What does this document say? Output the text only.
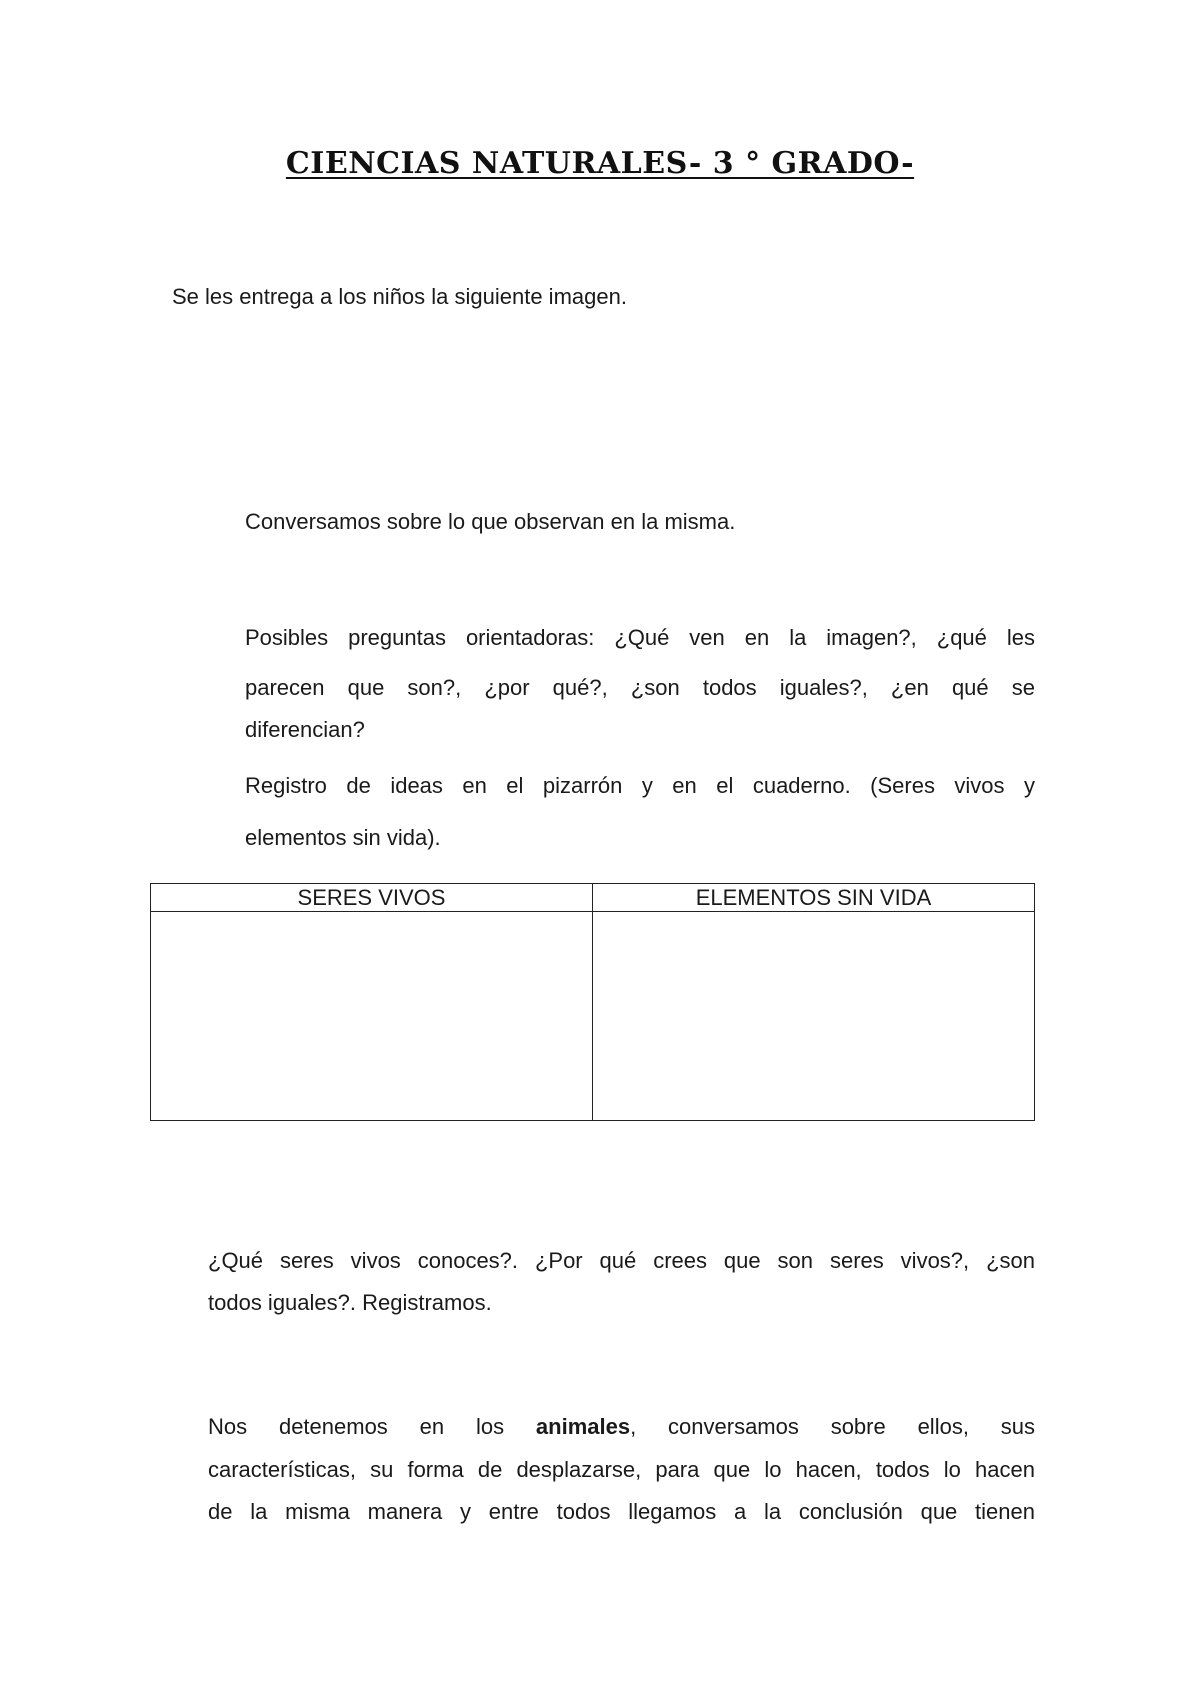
CIENCIAS NATURALES- 3 ° GRADO-
Se les entrega a los niños la siguiente imagen.
Conversamos sobre lo que observan en la misma.
Posibles preguntas orientadoras: ¿Qué ven en la imagen?, ¿qué les
parecen que son?, ¿por qué?, ¿son todos iguales?, ¿en qué se
diferencian?
Registro de ideas en el pizarrón y en el cuaderno. (Seres vivos y
elementos sin vida).
SERES VIVOS	ELEMENTOS SIN VIDA

¿Qué seres vivos conoces?. ¿Por qué crees que son seres vivos?, ¿son
todos iguales?. Registramos.
Nos detenemos en los animales, conversamos sobre ellos, sus
características, su forma de desplazarse, para que lo hacen, todos lo hacen
de la misma manera y entre todos llegamos a la conclusión que tienen
